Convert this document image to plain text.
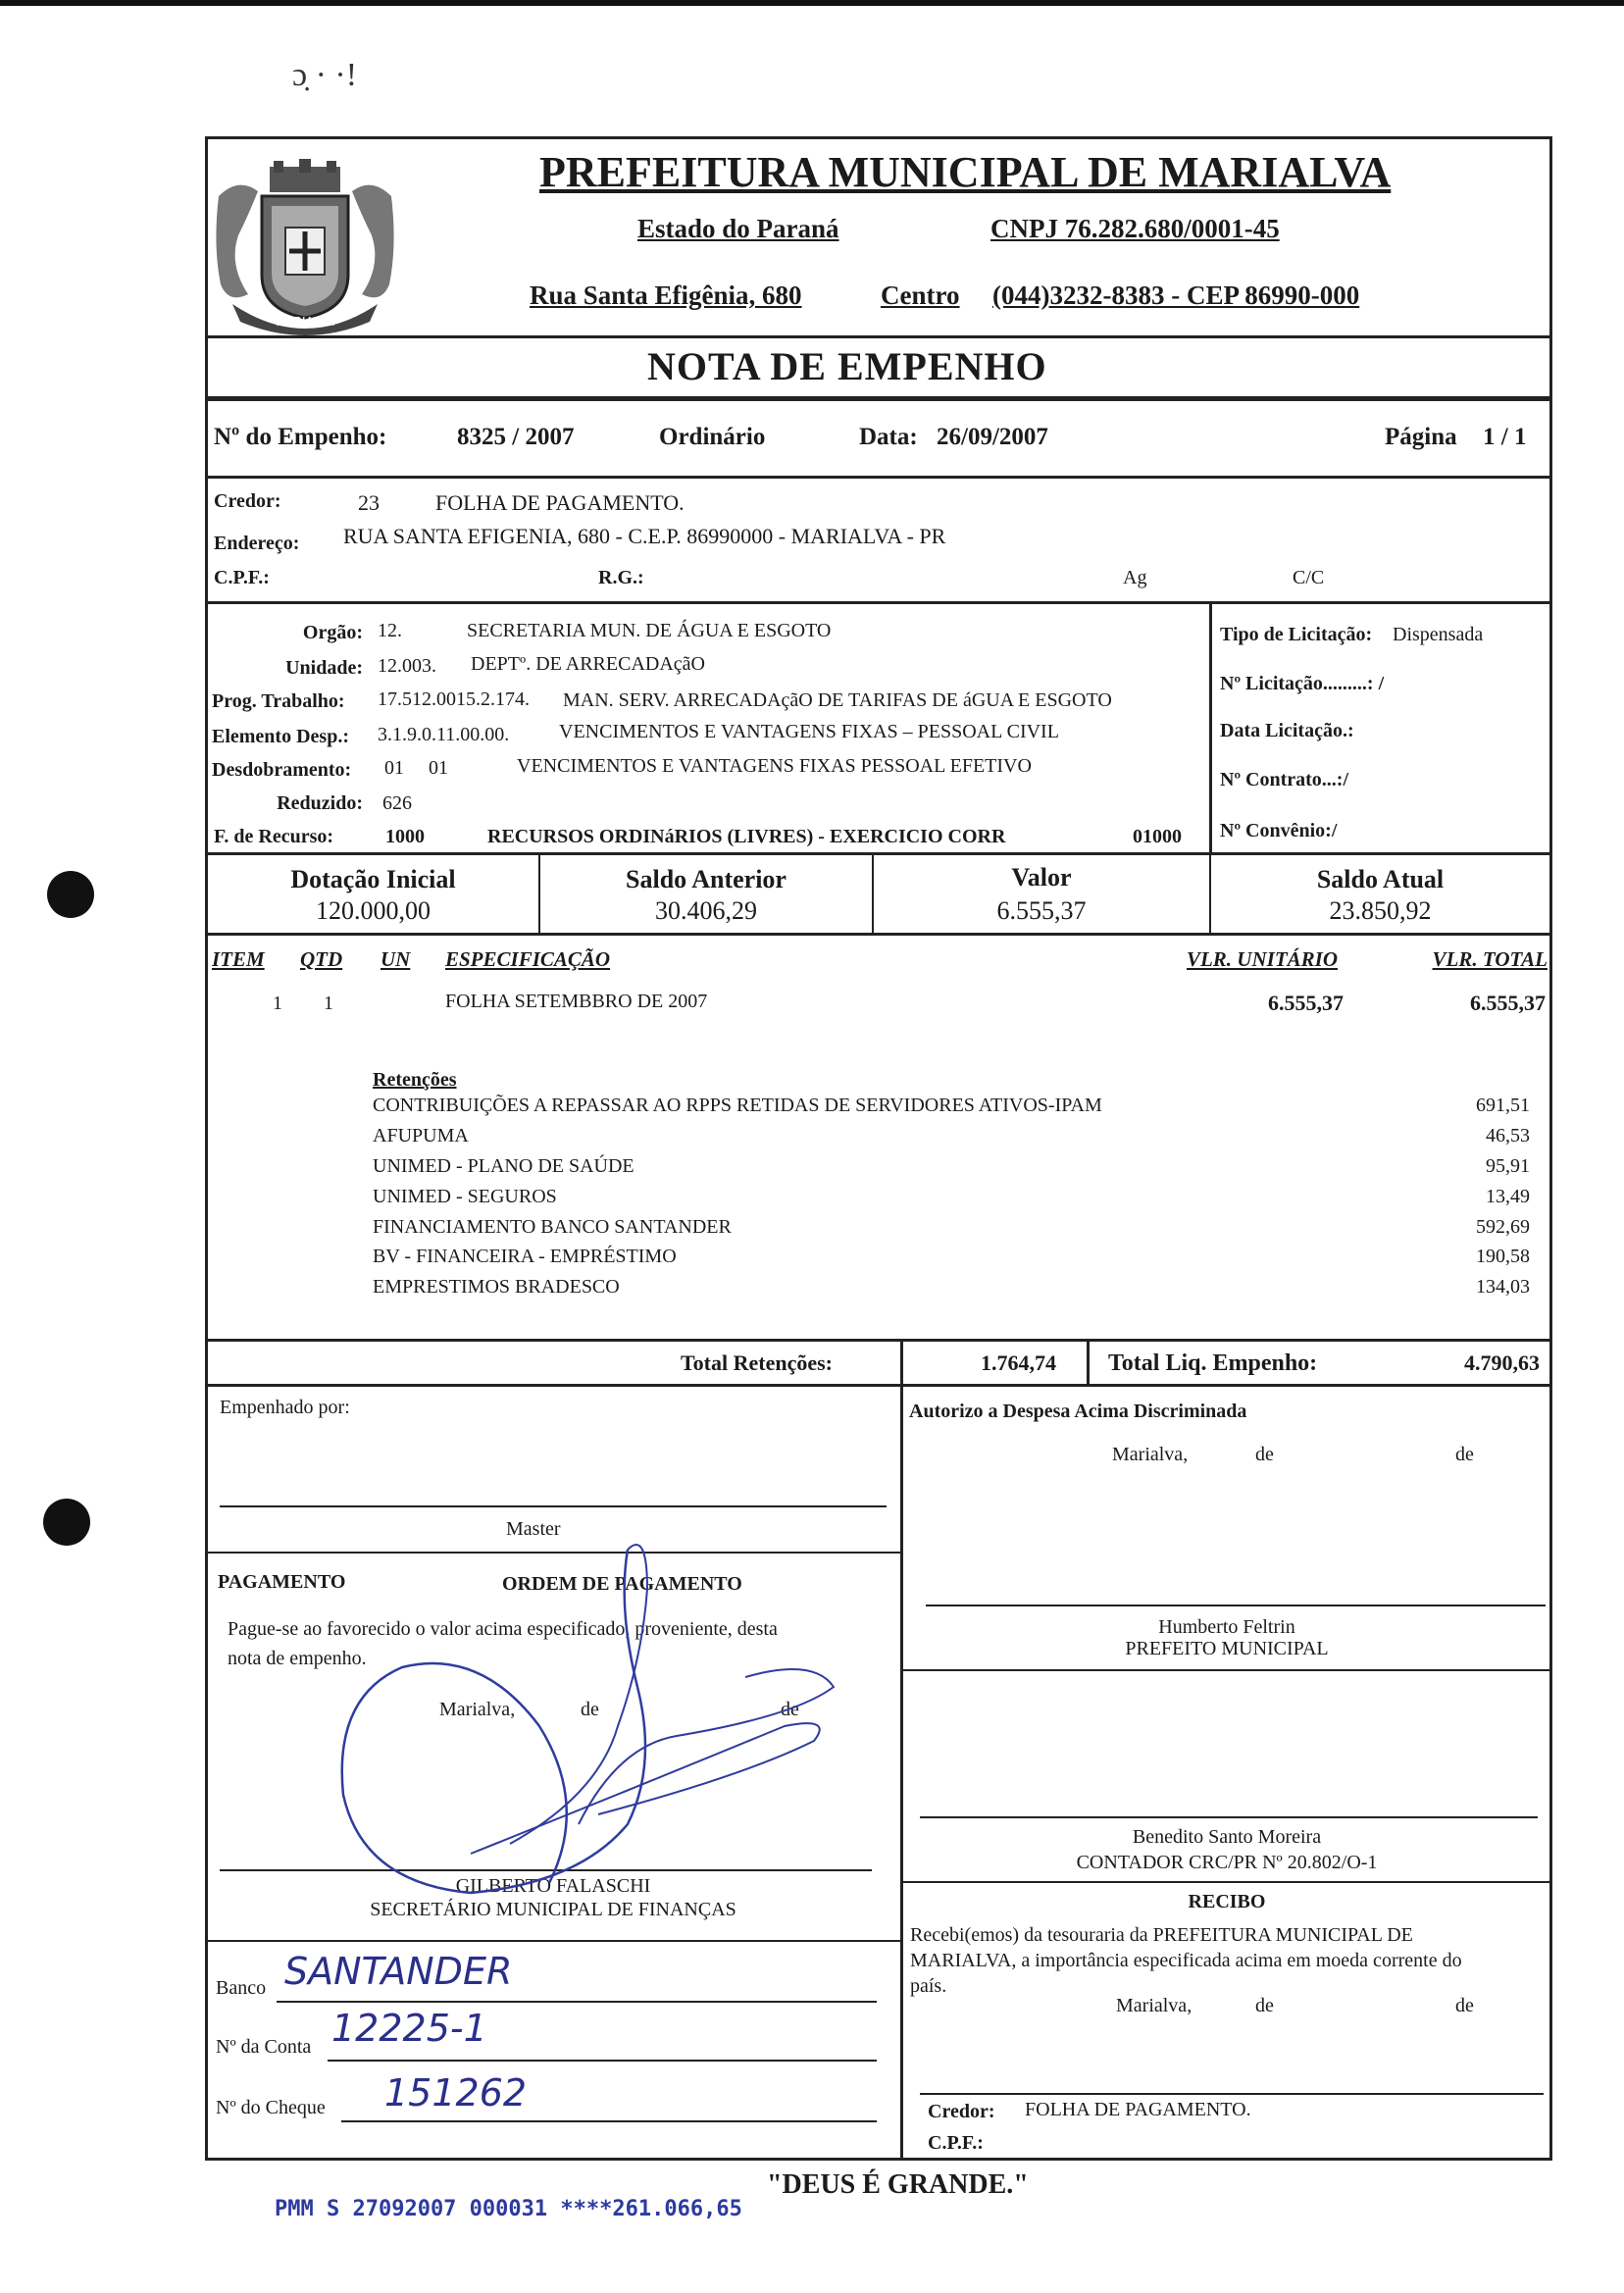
ɔ̣ · ·ǃ
MARIALVA
PREFEITURA MUNICIPAL DE MARIALVA
Estado do Paraná	CNPJ 76.282.680/0001-45
Rua Santa Efigênia, 680	Centro (044)3232-8383 - CEP 86990-000
NOTA DE EMPENHO
Nº do Empenho:	8325 / 2007	Ordinário	Data: 26/09/2007	Página 1 / 1
Credor:	23	FOLHA DE PAGAMENTO.
Endereço: RUA SANTA EFIGENIA, 680 - C.E.P. 86990000 - MARIALVA - PR
C.P.F.:	R.G.:	Ag	C/C
Orgão: 12.	SECRETARIA MUN. DE ÁGUA E ESGOTO
Unidade: 12.003. DEPTº. DE ARRECADAçãO
Prog. Trabalho: 17.512.0015.2.174. MAN. SERV. ARRECADAçãO DE TARIFAS DE áGUA E ESGOTO
Elemento Desp.: 3.1.9.0.11.00.00.	VENCIMENTOS E VANTAGENS FIXAS – PESSOAL CIVIL
Desdobramento: 01     01	VENCIMENTOS E VANTAGENS FIXAS PESSOAL EFETIVO
Reduzido: 626
F. de Recurso:	1000	RECURSOS ORDINáRIOS (LIVRES) - EXERCICIO CORR	01000
Tipo de Licitação: Dispensada
Nº Licitação.........: /
Data Licitação.:
Nº Contrato...:/
Nº Convênio:/
Dotação Inicial
120.000,00
Saldo Anterior
30.406,29
Valor
6.555,37
Saldo Atual
23.850,92
ITEM QTD UN ESPECIFICAÇÃO	VLR. UNITÁRIO	VLR. TOTAL
1 1	FOLHA SETEMBBRO DE 2007	6.555,37	6.555,37
Retenções
CONTRIBUIÇÕES A REPASSAR AO RPPS RETIDAS DE SERVIDORES ATIVOS-IPAM	691,51
AFUPUMA	46,53
UNIMED - PLANO DE SAÚDE	95,91
UNIMED - SEGUROS	13,49
FINANCIAMENTO BANCO SANTANDER	592,69
BV - FINANCEIRA - EMPRÉSTIMO	190,58
EMPRESTIMOS BRADESCO	134,03
Total Retenções:	1.764,74 Total Liq. Empenho:	4.790,63
Empenhado por:
Master
Autorizo a Despesa Acima Discriminada
Marialva,	de	de
Humberto Feltrin
PREFEITO MUNICIPAL
PAGAMENTO	ORDEM DE PAGAMENTO
Pague-se ao favorecido o valor acima especificado, proveniente, desta
nota de empenho.
Marialva,	de	de
GILBERTO FALASCHI
SECRETÁRIO MUNICIPAL DE FINANÇAS
Benedito Santo Moreira
CONTADOR CRC/PR Nº 20.802/O-1
RECIBO
Recebi(emos) da tesouraria da PREFEITURA MUNICIPAL DE
MARIALVA, a importância especificada acima em moeda corrente do
país.
Marialva,	de	de
Credor: FOLHA DE PAGAMENTO.
C.P.F.:
Banco SANTANDER
Nº da Conta 12225-1
Nº do Cheque 151262
"DEUS É GRANDE."
PMM S 27092007 000031 ****261.066,65
